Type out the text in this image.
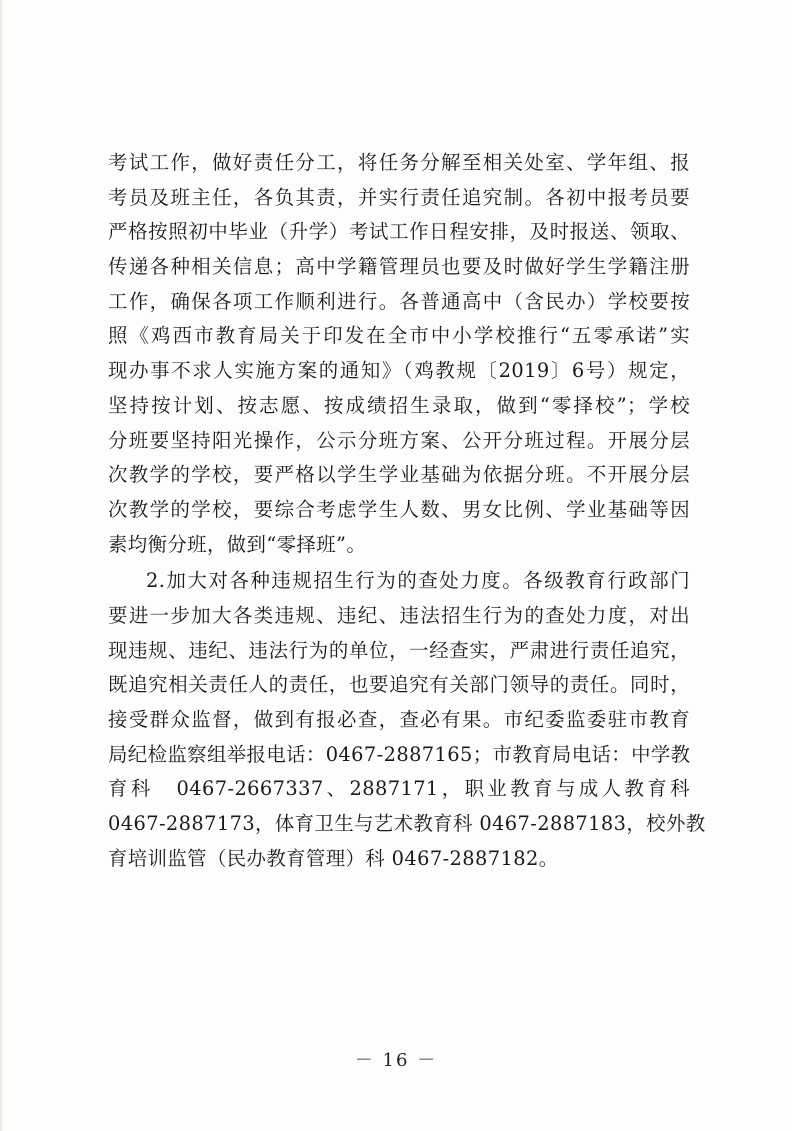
考试工作，做好责任分工，将任务分解至相关处室、学年组、报
考员及班主任，各负其责，并实行责任追究制。各初中报考员要
严格按照初中毕业（升学）考试工作日程安排，及时报送、领取、
传递各种相关信息；高中学籍管理员也要及时做好学生学籍注册
工作，确保各项工作顺利进行。各普通高中（含民办）学校要按
照《鸡西市教育局关于印发在全市中小学校推行“五零承诺”实
现办事不求人实施方案的通知》（鸡教规〔2019〕6号）规定，
坚持按计划、按志愿、按成绩招生录取，做到“零择校”；学校
分班要坚持阳光操作，公示分班方案、公开分班过程。开展分层
次教学的学校，要严格以学生学业基础为依据分班。不开展分层
次教学的学校，要综合考虑学生人数、男女比例、学业基础等因
素均衡分班，做到“零择班”。

2.加大对各种违规招生行为的查处力度。各级教育行政部门
要进一步加大各类违规、违纪、违法招生行为的查处力度，对出
现违规、违纪、违法行为的单位，一经查实，严肃进行责任追究，
既追究相关责任人的责任，也要追究有关部门领导的责任。同时，
接受群众监督，做到有报必查，查必有果。市纪委监委驻市教育
局纪检监察组举报电话：0467-2887165；市教育局电话：中学教
育科　0467-2667337、2887171，职业教育与成人教育科
0467-2887173，体育卫生与艺术教育科 0467-2887183，校外教
育培训监管（民办教育管理）科 0467-2887182。

－ 16 －
